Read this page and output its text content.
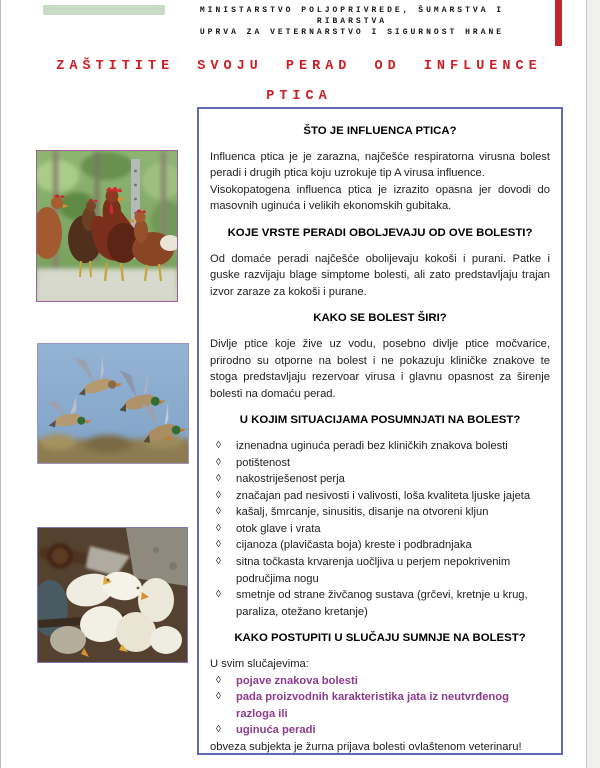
MINISTARSTVO POLJOPRIVREDE, ŠUMARSTVA I
RIBARSTVA
UPRVA ZA VETERNARSTVO I SIGURNOST HRANE
ZAŠTITITE SVOJU PERAD OD INFLUENCE
PTICA
ŠTO JE INFLUENCA PTICA?

Influenca ptica je je zarazna, najčešće respiratorna virusna bolest peradi i drugih ptica koju uzrokuje tip A virusa influence.

Visokopatogena influenca ptica je izrazito opasna jer dovodi do masovnih uginuća i velikih ekonomskih gubitaka.

KOJE VRSTE PERADI OBOLJEVAJU OD OVE BOLESTI?

Od domaće peradi najčešće obolijevaju kokoši i purani. Patke i guske razvijaju blage simptome bolesti, ali zato predstavljaju trajan izvor zaraze za kokoši i purane.

KAKO SE BOLEST ŠIRI?

Divlje ptice koje žive uz vodu, posebno divlje ptice močvarice, prirodno su otporne na bolest i ne pokazuju kliničke znakove te stoga predstavljaju rezervoar virusa i glavnu opasnost za širenje bolesti na domaću perad.

U KOJIM SITUACIJAMA POSUMNJATI NA BOLEST?
◊	iznenadna uginuća peradi bez kliničkih znakova bolesti
◊	potištenost
◊	nakostriješenost perja
◊	značajan pad nesivosti i valivosti, loša kvaliteta ljuske jajeta
◊	kašalj, šmrcanje, sinusitis, disanje na otvoreni kljun
◊	otok glave i vrata
◊	cijanoza (plavičasta boja) kreste i podbradnjaka
◊	sitna točkasta krvarenja uočljiva u perjem nepokrivenim područjima nogu
◊	smetnje od strane živčanog sustava (grčevi, kretnje u krug, paraliza, otežano kretanje)
KAKO POSTUPITI U SLUČAJU SUMNJE NA BOLEST?

U svim slučajevima:

◊	pojave znakova bolesti
◊	pada proizvodnih karakteristika jata iz neutvrđenog razloga ili
◊	uginuća peradi

obveza subjekta je žurna prijava bolesti ovlaštenom veterinaru!
